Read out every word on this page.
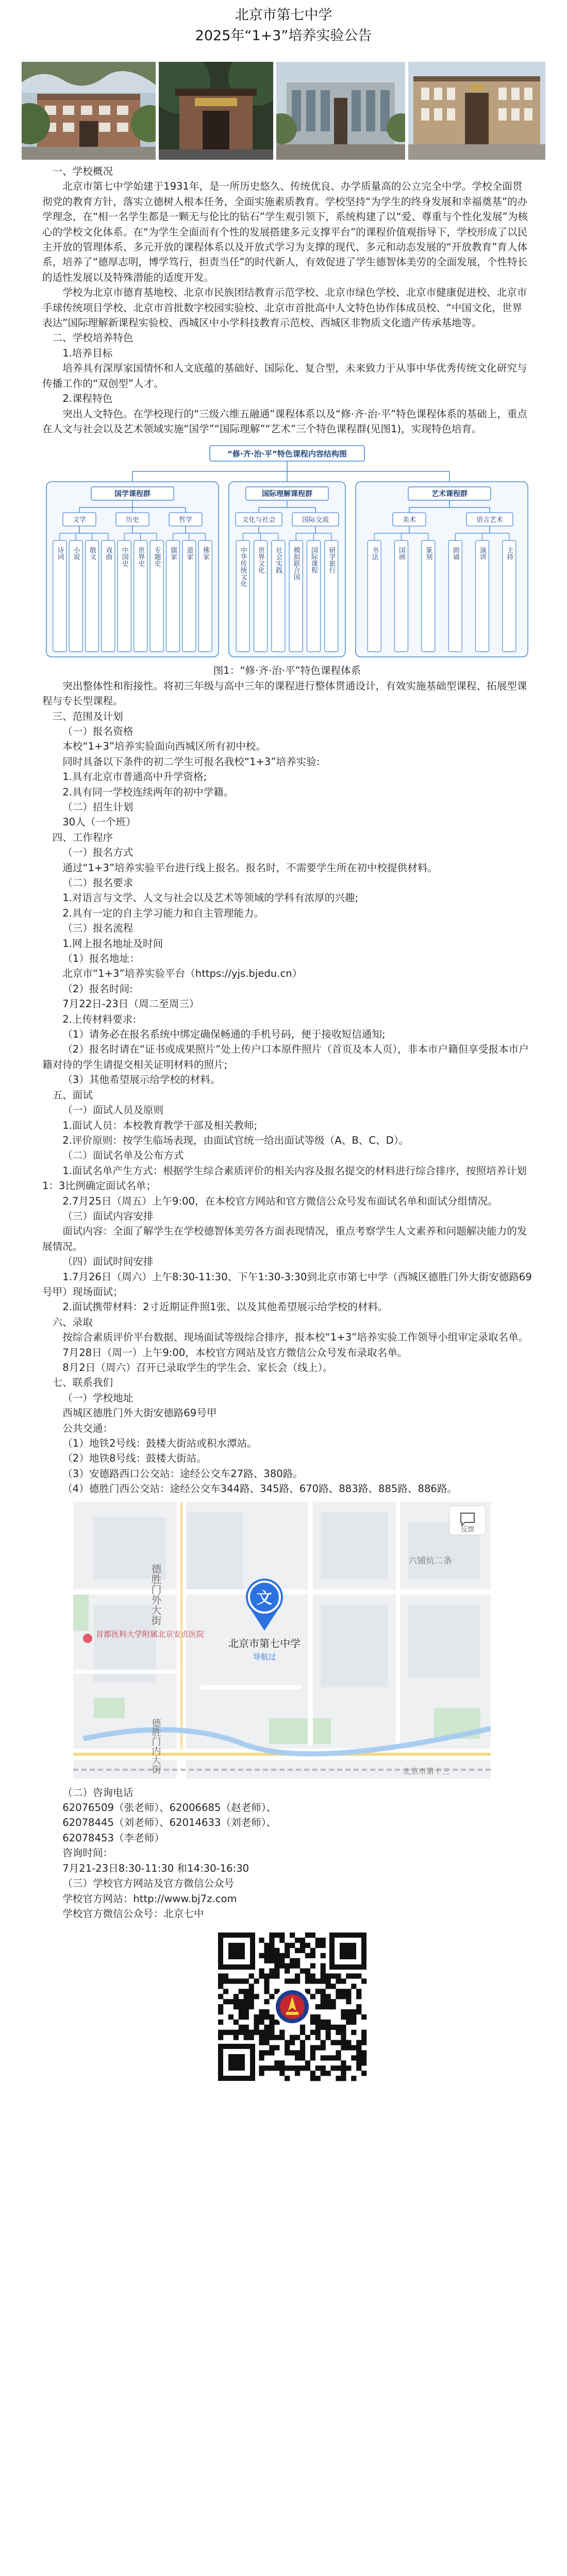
北京市第七中学
2025年“1+3”培养实验公告

一、学校概况

北京市第七中学始建于1931年，是一所历史悠久、传统优良、办学质量高的公立完全中学。学校全面贯彻党的教育方针，落实立德树人根本任务，全面实施素质教育。学校坚持“为学生的终身发展和幸福奠基”的办学理念，在“相一名学生都是一颗无与伦比的钻石”学生观引领下，系统构建了以“爱、尊重与个性化发展”为核心的学校文化体系。在“为学生全面而有个性的发展搭建多元支撑平台”的课程价值观指导下，学校形成了以民主开放的管理体系、多元开放的课程体系以及开放式学习为支撑的现代、多元和动态发展的“开放教育”育人体系，培养了“德厚志明，博学笃行，担责当任”的时代新人，有效促进了学生德智体美劳的全面发展，个性特长的适性发展以及特殊潜能的适度开发。

学校为北京市德育基地校、北京市民族团结教育示范学校、北京市绿色学校、北京市健康促进校、北京市手球传统项目学校、北京市首批数字校园实验校、北京市首批高中人文特色协作体成员校、“中国文化，世界表达”国际理解新课程实验校、西城区中小学科技教育示范校、西城区非物质文化遗产传承基地等。

二、学校培养特色

1.培养目标

培养具有深厚家国情怀和人文底蕴的基础好、国际化、复合型，未来致力于从事中华优秀传统文化研究与传播工作的“双创型”人才。

2.课程特色

突出人文特色。在学校现行的“三级六维五融通”课程体系以及“修·齐·治·平”特色课程体系的基础上，重点在人文与社会以及艺术领域实施“国学”“国际理解”“艺术”三个特色课程群(见图1)，实现特色培育。

“修·齐·治·平”特色课程内容结构图
国学课程群	国际理解课程群	艺术课程群
文学	历史	哲学	文化与社会	国际交流	美术	语言艺术
诗词 小说 散文 戏曲 中国史 世界史 专题史 儒家 道家 佛家	中华传统文化 世界文化 社会实践 模拟联合国 国际课程 研学旅行	书法	国画	篆刻	朗诵	演讲	主持

图1：“修·齐·治·平”特色课程体系

突出整体性和衔接性。将初三年级与高中三年的课程进行整体贯通设计，有效实施基础型课程、拓展型课程与专长型课程。

三、范围及计划

（一）报名资格

本校“1+3”培养实验面向西城区所有初中校。

同时具备以下条件的初二学生可报名我校“1+3”培养实验:

1.具有北京市普通高中升学资格;

2.具有同一学校连续两年的初中学籍。

（二）招生计划

30人（一个班）

四、工作程序

（一）报名方式

通过“1+3”培养实验平台进行线上报名。报名时，不需要学生所在初中校提供材料。

（二）报名要求

1.对语言与文学、人文与社会以及艺术等领域的学科有浓厚的兴趣;

2.具有一定的自主学习能力和自主管理能力。

（三）报名流程

1.网上报名地址及时间

（1）报名地址：

北京市“1+3”培养实验平台（https://yjs.bjedu.cn）

（2）报名时间:

7月22日-23日（周二至周三）

2.上传材料要求:

（1）请务必在报名系统中绑定确保畅通的手机号码，便于接收短信通知;

（2）报名时请在“证书或成果照片”处上传户口本原件照片（首页及本人页），非本市户籍但享受报本市户籍对待的学生请提交相关证明材料的照片;

（3）其他希望展示给学校的材料。

五、面试

（一）面试人员及原则

1.面试人员：本校教育教学干部及相关教师;

2.评价原则：按学生临场表现，由面试官统一给出面试等级（A、B、C、D）。

（二）面试名单及公布方式

1.面试名单产生方式：根据学生综合素质评价的相关内容及报名提交的材料进行综合排序，按照培养计划1：3比例确定面试名单；

2.7月25日（周五）上午9:00，在本校官方网站和官方微信公众号发布面试名单和面试分组情况。

（三）面试内容安排

面试内容：全面了解学生在学校德智体美劳各方面表现情况，重点考察学生人文素养和问题解决能力的发展情况。

（四）面试时间安排

1.7月26日（周六）上午8:30-11:30、下午1:30-3:30到北京市第七中学（西城区德胜门外大街安德路69号甲）现场面试；

2.面试携带材料：2寸近期证件照1张、以及其他希望展示给学校的材料。

六、录取

按综合素质评价平台数据、现场面试等级综合排序，报本校“1+3”培养实验工作领导小组审定录取名单。

7月28日（周一）上午9:00，本校官方网站及官方微信公众号发布录取名单。

8月2日（周六）召开已录取学生的学生会、家长会（线上）。

七、联系我们

（一）学校地址

西城区德胜门外大街安德路69号甲

公共交通：

（1）地铁2号线：鼓楼大街站或积水潭站。

（2）地铁8号线：鼓楼大街站。

（3）安德路西口公交站：途经公交车27路、380路。

（4）德胜门西公交站：途经公交车344路、345路、670路、883路、885路、886路。

德胜门外大街
德胜门内大街
六铺炕二条
北京市第十三
首都医科大学附属北京安贞医院
文
北京市第七中学
导航过
反馈

（二）咨询电话

62076509（张老师）、62006685（赵老师）、

62078445（刘老师）、62014633（刘老师）、

62078453（李老师）

咨询时间：

7月21-23日8:30-11:30 和14:30-16:30

（三）学校官方网站及官方微信公众号

学校官方网站：http://www.bj7z.com

学校官方微信公众号：北京七中
